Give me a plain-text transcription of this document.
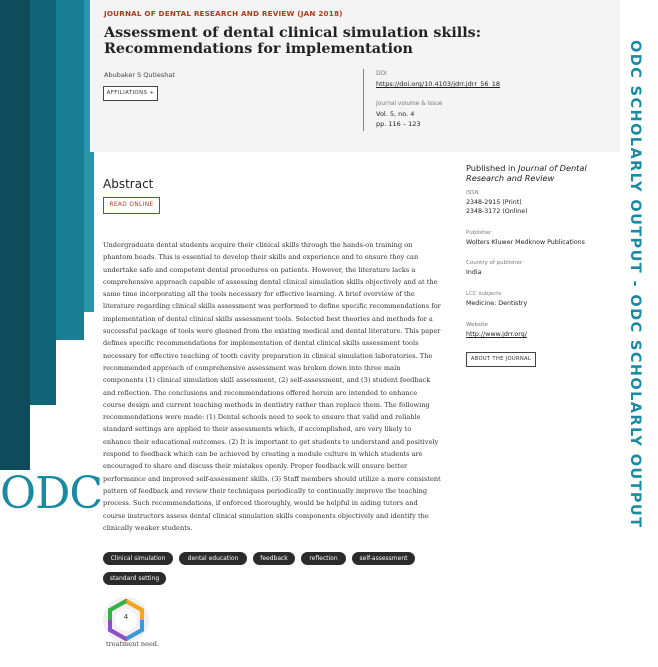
ODC	ODC SCHOLARLY OUTPUT - ODC SCHOLARLY OUTPUT
JOURNAL OF DENTAL RESEARCH AND REVIEW (JAN 2018)
Assessment of dental clinical simulation skills: Recommendations for implementation
Abubaker S Qutieshat
AFFILIATIONS +
DOI
https://doi.org/10.4103/jdrr.jdrr_56_18
Journal volume & issue
Vol. 5, no. 4
pp. 116 – 123
Abstract
READ ONLINE
Undergraduate dental students acquire their clinical skills through the hands-on training on phantom heads. This is essential to develop their skills and experience and to ensure they can undertake safe and competent dental procedures on patients. However, the literature lacks a comprehensive approach capable of assessing dental clinical simulation skills objectively and at the same time incorporating all the tools necessary for effective learning. A brief overview of the literature regarding clinical skills assessment was performed to define specific recommendations for implementation of dental clinical skills assessment tools. Selected best theories and methods for a successful package of tools were gleaned from the existing medical and dental literature. This paper defines specific recommendations for implementation of dental clinical skills assessment tools necessary for effective teaching of tooth cavity preparation in clinical simulation laboratories. The recommended approach of comprehensive assessment was broken down into three main components (1) clinical simulation skill assessment, (2) self-assessment, and (3) student feedback and reflection. The conclusions and recommendations offered herein are intended to enhance course design and current teaching methods in dentistry rather than replace them. The following recommendations were made: (1) Dental schools need to seek to ensure that valid and reliable standard settings are applied to their assessments which, if accomplished, are very likely to enhance their educational outcomes. (2) It is important to get students to understand and positively respond to feedback which can be achieved by creating a module culture in which students are encouraged to share and discuss their mistakes openly. Proper feedback will ensure better performance and improved self-assessment skills. (3) Staff members should utilize a more consistent pattern of feedback and review their techniques periodically to continually improve the teaching process. Such recommendations, if enforced thoroughly, would be helpful in aiding tutors and course instructors assess dental clinical simulation skills components objectively and identify the clinically weaker students.
Clinical simulation	dental education	feedback	reflection	self-assessment
standard setting
4
treatment need.
Published in Journal of Dental Research and Review
ISSN
2348-2915 (Print)
2348-3172 (Online)
Publisher
Wolters Kluwer Medknow Publications
Country of publisher
India
LCC subjects
Medicine: Dentistry
Website
http://www.jdrr.org/
ABOUT THE JOURNAL
